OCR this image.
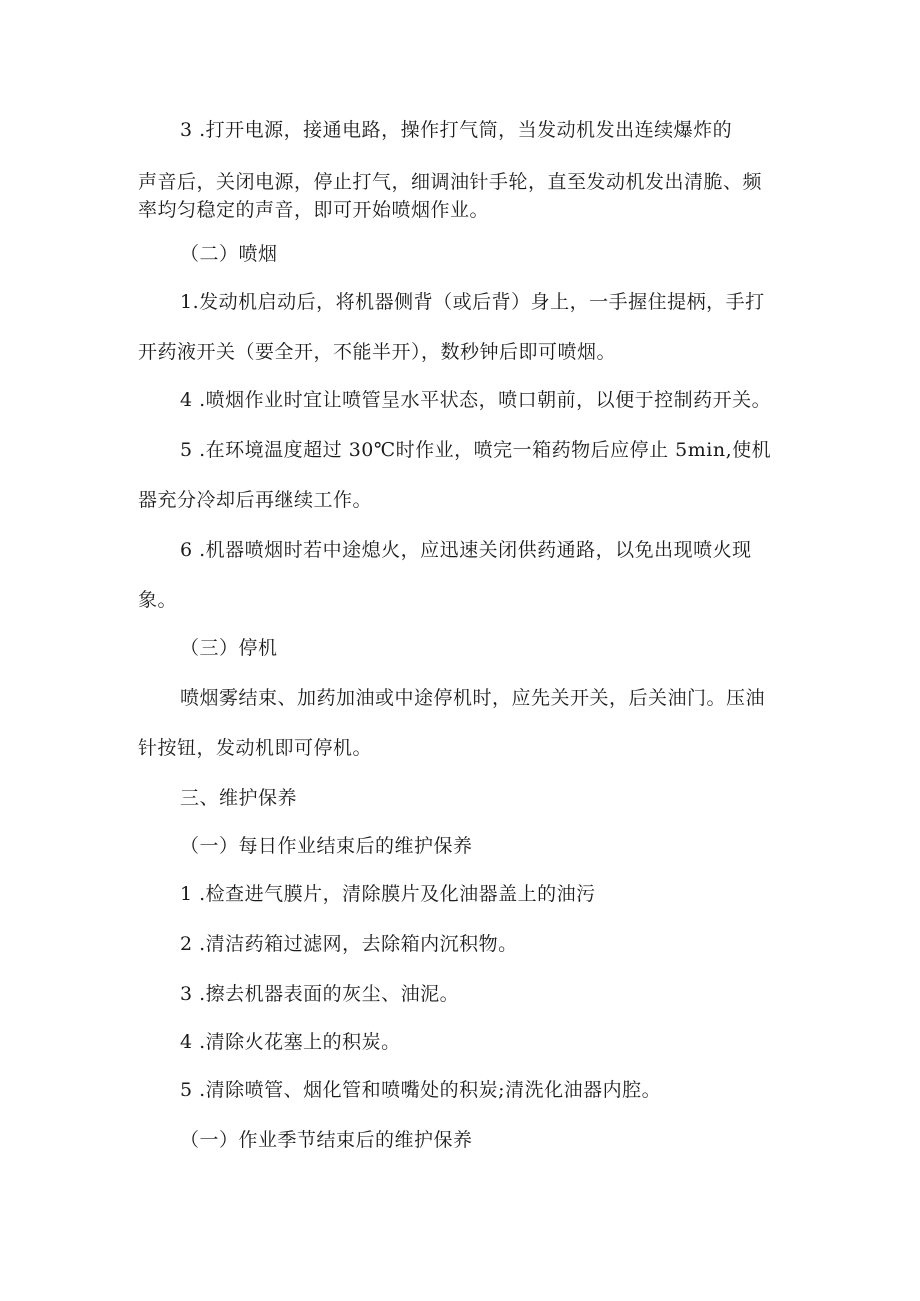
3 .打开电源，接通电路，操作打气筒，当发动机发出连续爆炸的
声音后，关闭电源，停止打气，细调油针手轮，直至发动机发出清脆、频
率均匀稳定的声音，即可开始喷烟作业。
（二）喷烟
1.发动机启动后，将机器侧背（或后背）身上，一手握住提柄，手打
开药液开关（要全开，不能半开），数秒钟后即可喷烟。
4 .喷烟作业时宜让喷管呈水平状态，喷口朝前，以便于控制药开关。
5 .在环境温度超过 30℃时作业，喷完一箱药物后应停止 5min,使机
器充分冷却后再继续工作。
6 .机器喷烟时若中途熄火，应迅速关闭供药通路，以免出现喷火现
象。
（三）停机
喷烟雾结束、加药加油或中途停机时，应先关开关，后关油门。压油
针按钮，发动机即可停机。
三、维护保养
（一）每日作业结束后的维护保养
1 .检查进气膜片，清除膜片及化油器盖上的油污
2 .清洁药箱过滤网，去除箱内沉积物。
3 .擦去机器表面的灰尘、油泥。
4 .清除火花塞上的积炭。
5 .清除喷管、烟化管和喷嘴处的积炭;清洗化油器内腔。
（一）作业季节结束后的维护保养
